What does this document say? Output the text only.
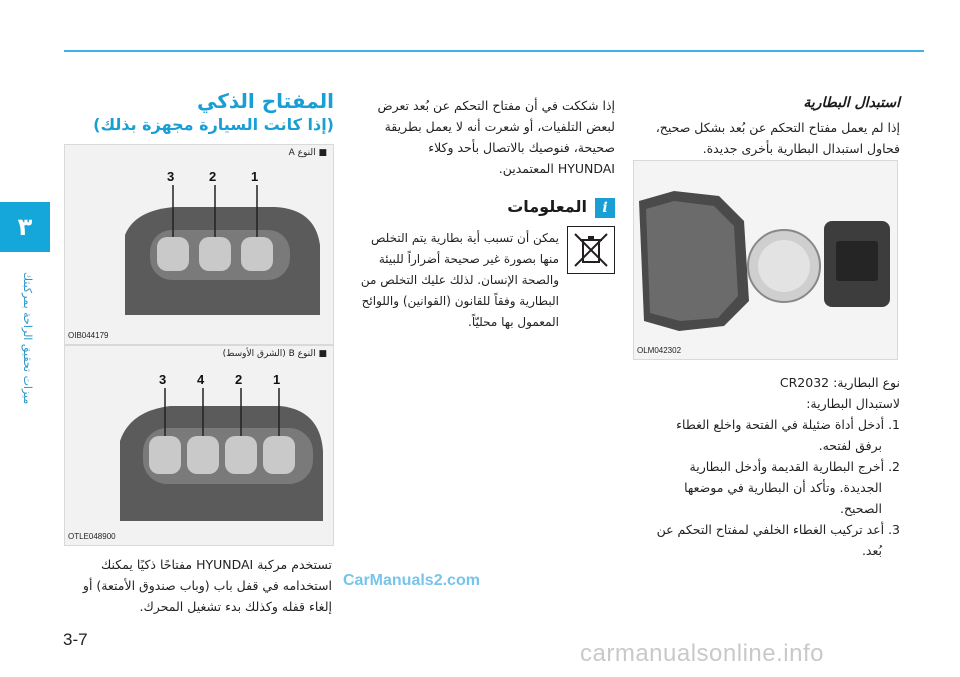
٣
ميزات تحقيق الراحة بمركبتك

استبدال البطارية

إذا لم يعمل مفتاح التحكم عن بُعد بشكل صحيح،

فحاول استبدال البطارية بأخرى جديدة.

OLM042302

نوع البطارية: CR2032

لاستبدال البطارية:

1. أدخل أداة ضئيلة في الفتحة واخلع الغطاء

برفق لفتحه.

2. أخرج البطارية القديمة وأدخل البطارية

الجديدة. وتأكد أن البطارية في موضعها

الصحيح.

3. أعد تركيب الغطاء الخلفي لمفتاح التحكم عن

بُعد.

إذا شككت في أن مفتاح التحكم عن بُعد تعرض

لبعض التلفيات، أو شعرت أنه لا يعمل بطريقة

صحيحة، فنوصيك بالاتصال بأحد وكلاء

HYUNDAI المعتمدين.

i
المعلومات

يمكن أن تسبب أية بطارية يتم التخلص

منها بصورة غير صحيحة أضراراً للبيئة

والصحة الإنسان. لذلك عليك التخلص من

البطارية وفقاً للقانون (القوانين) واللوائح

المعمول بها محليّاً.

المفتاح الذكي

(إذا كانت السيارة مجهزة بذلك)

■ النوع A
3	2	1
OIB044179
■ النوع B (الشرق الأوسط)
3 4 2 1
OTLE048900

تستخدم مركبة HYUNDAI مفتاحًا ذكيًا يمكنك

استخدامه في قفل باب (وباب صندوق الأمتعة) أو

إلغاء قفله وكذلك بدء تشغيل المحرك.

CarManuals2.com
3-7
carmanualsonline.info
